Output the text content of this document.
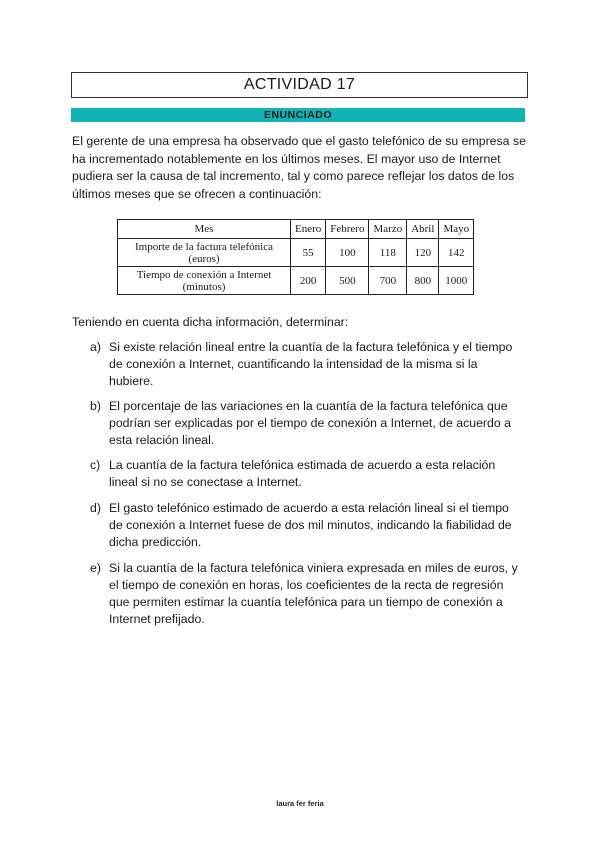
ACTIVIDAD 17
ENUNCIADO

El gerente de una empresa ha observado que el gasto telefónico de su empresa se ha incrementado notablemente en los últimos meses. El mayor uso de Internet pudiera ser la causa de tal incremento, tal y como parece reflejar los datos de los últimos meses que se ofrecen a continuación:

Mes	Enero	Febrero	Marzo	Abril	Mayo
Importe de la factura telefónica (euros)	55	100	118	120	142
Tiempo de conexión a Internet (minutos)	200	500	700	800	1000

Teniendo en cuenta dicha información, determinar:

a) Si existe relación lineal entre la cuantía de la factura telefónica y el tiempo de conexión a Internet, cuantificando la intensidad de la misma si la hubiere.
b) El porcentaje de las variaciones en la cuantía de la factura telefónica que podrían ser explicadas por el tiempo de conexión a Internet, de acuerdo a esta relación lineal.
c) La cuantía de la factura telefónica estimada de acuerdo a esta relación lineal si no se conectase a Internet.
d) El gasto telefónico estimado de acuerdo a esta relación lineal si el tiempo de conexión a Internet fuese de dos mil minutos, indicando la fiabilidad de dicha predicción.
e) Si la cuantía de la factura telefónica viniera expresada en miles de euros, y el tiempo de conexión en horas, los coeficientes de la recta de regresión que permiten estimar la cuantía telefónica para un tiempo de conexión a Internet prefijado.
laura fer feria
